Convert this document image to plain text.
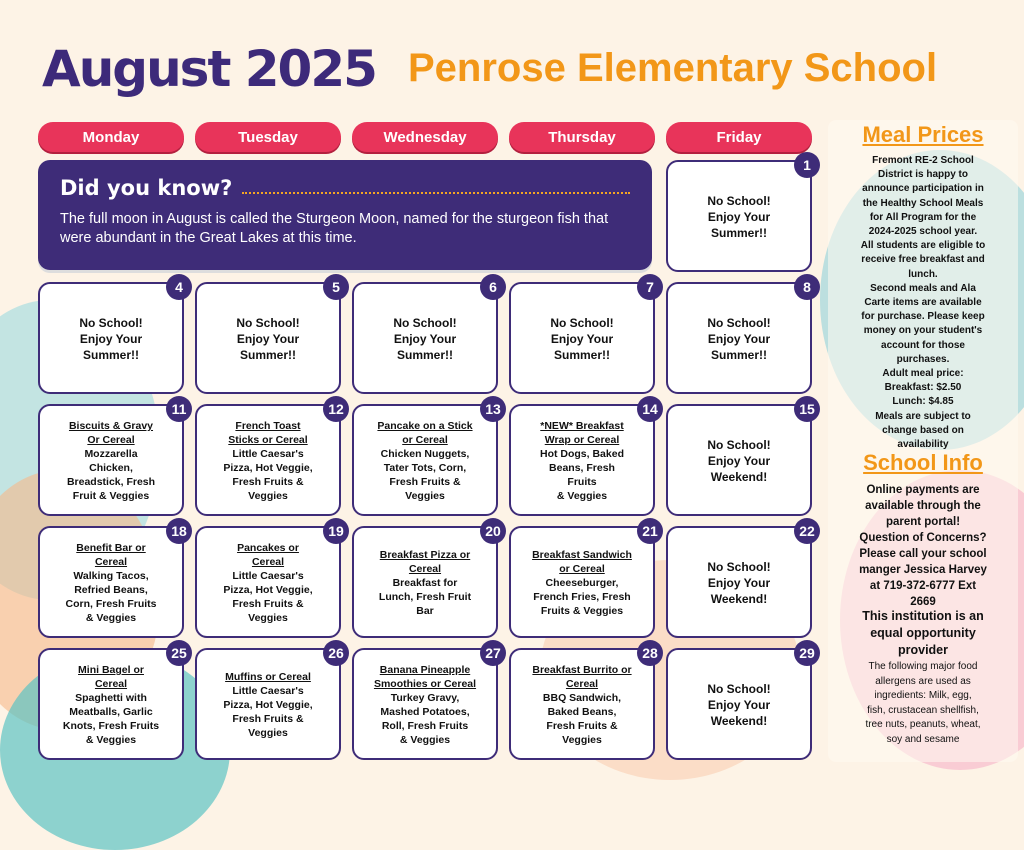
August 2025 Penrose Elementary School
Monday	Tuesday	Wednesday	Thursday	Friday
Did you know?
The full moon in August is called the Sturgeon Moon, named for the sturgeon fish that were abundant in the Great Lakes at this time.
1
No School!
Enjoy Your
Summer!!
4
No School!
Enjoy Your
Summer!!
5
No School!
Enjoy Your
Summer!!
6
No School!
Enjoy Your
Summer!!
7
No School!
Enjoy Your
Summer!!
8
No School!
Enjoy Your
Summer!!
11
Biscuits & Gravy
Or Cereal
Mozzarella
Chicken,
Breadstick, Fresh
Fruit & Veggies
12
French Toast
Sticks or Cereal
Little Caesar's
Pizza, Hot Veggie,
Fresh Fruits &
Veggies
13
Pancake on a Stick
or Cereal
Chicken Nuggets,
Tater Tots, Corn,
Fresh Fruits &
Veggies
14
*NEW* Breakfast
Wrap or Cereal
Hot Dogs, Baked
Beans, Fresh
Fruits
& Veggies
15
No School!
Enjoy Your
Weekend!
18
Benefit Bar or
Cereal
Walking Tacos,
Refried Beans,
Corn, Fresh Fruits
& Veggies
19
Pancakes or
Cereal
Little Caesar's
Pizza, Hot Veggie,
Fresh Fruits &
Veggies
20
Breakfast Pizza or
Cereal
Breakfast for
Lunch, Fresh Fruit
Bar
21
Breakfast Sandwich
or Cereal
Cheeseburger,
French Fries, Fresh
Fruits & Veggies
22
No School!
Enjoy Your
Weekend!
25
Mini Bagel or
Cereal
Spaghetti with
Meatballs, Garlic
Knots, Fresh Fruits
& Veggies
26
Muffins or Cereal
Little Caesar's
Pizza, Hot Veggie,
Fresh Fruits &
Veggies
27
Banana Pineapple
Smoothies or Cereal
Turkey Gravy,
Mashed Potatoes,
Roll, Fresh Fruits
& Veggies
28
Breakfast Burrito or
Cereal
BBQ Sandwich,
Baked Beans,
Fresh Fruits &
Veggies
29
No School!
Enjoy Your
Weekend!
Meal Prices
Fremont RE-2 School
District is happy to
announce participation in
the Healthy School Meals
for All Program for the
2024-2025 school year.
All students are eligible to
receive free breakfast and
lunch.
Second meals and Ala
Carte items are available
for purchase. Please keep
money on your student's
account for those
purchases.
Adult meal price:
Breakfast: $2.50
Lunch: $4.85
Meals are subject to
change based on
availability
School Info
Online payments are
available through the
parent portal!
Question of Concerns?
Please call your school
manger Jessica Harvey
at 719-372-6777 Ext
2669
This institution is an
equal opportunity
provider
The following major food
allergens are used as
ingredients: Milk, egg,
fish, crustacean shellfish,
tree nuts, peanuts, wheat,
soy and sesame
